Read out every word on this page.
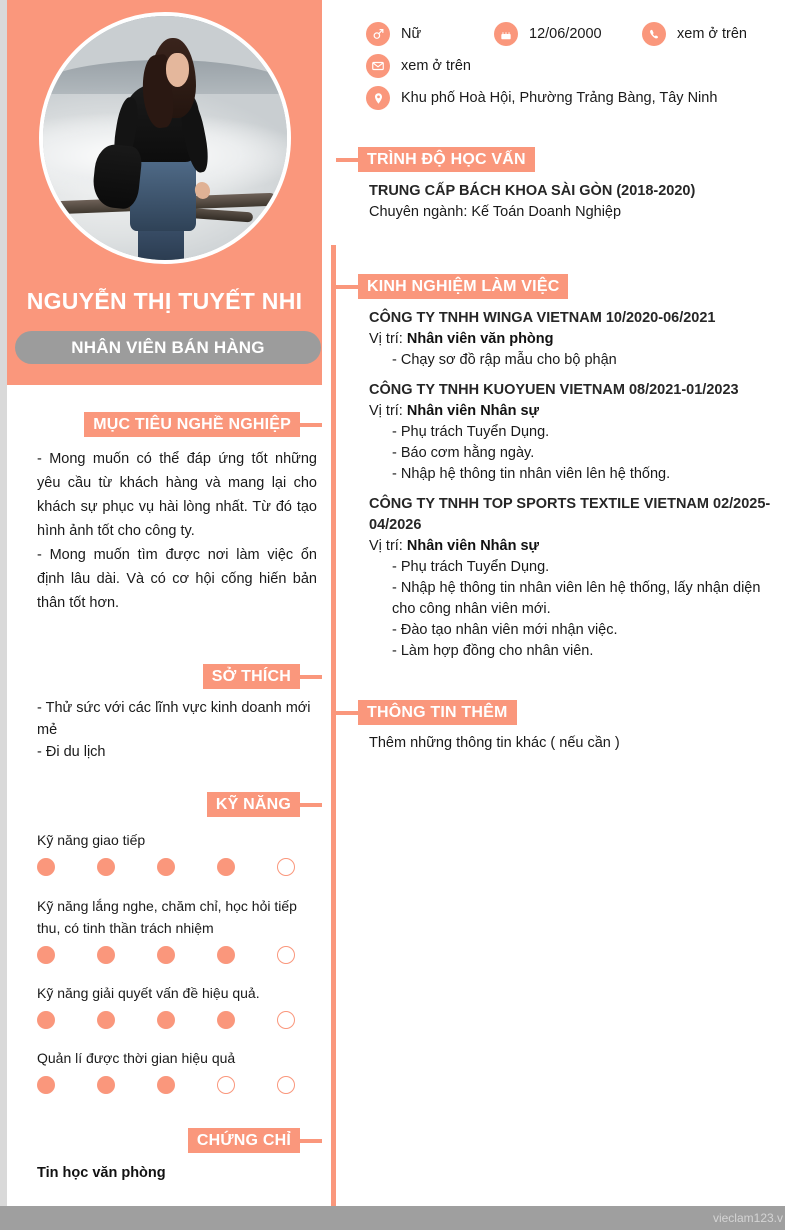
NGUYỄN THỊ TUYẾT NHI
NHÂN VIÊN BÁN HÀNG
MỤC TIÊU NGHỀ NGHIỆP
- Mong muốn có thể đáp ứng tốt những yêu cầu từ khách hàng và mang lại cho khách sự phục vụ hài lòng nhất. Từ đó tạo hình ảnh tốt cho công ty.
- Mong muốn tìm được nơi làm việc ổn định lâu dài. Và có cơ hội cống hiến bản thân tốt hơn.
SỞ THÍCH
- Thử sức với các lĩnh vực kinh doanh mới mẻ
- Đi du lịch
KỸ NĂNG
Kỹ năng giao tiếp
Kỹ năng lắng nghe, chăm chỉ, học hỏi tiếp thu, có tinh thần trách nhiệm
Kỹ năng giải quyết vấn đề hiệu quả.
Quản lí được thời gian hiệu quả
CHỨNG CHỈ
Tin học văn phòng
Nữ	12/06/2000	xem ở trên
xem ở trên
Khu phố Hoà Hội, Phường Trảng Bàng, Tây Ninh
TRÌNH ĐỘ HỌC VẤN
TRUNG CẤP BÁCH KHOA SÀI GÒN (2018-2020)
Chuyên ngành: Kế Toán Doanh Nghiệp
KINH NGHIỆM LÀM VIỆC
CÔNG TY TNHH WINGA VIETNAM 10/2020-06/2021
Vị trí: Nhân viên văn phòng
- Chạy sơ đồ rập mẫu cho bộ phận
CÔNG TY TNHH KUOYUEN VIETNAM 08/2021-01/2023
Vị trí: Nhân viên Nhân sự
- Phụ trách Tuyển Dụng.
- Báo cơm hằng ngày.
- Nhập hệ thông tin nhân viên lên hệ thống.
CÔNG TY TNHH TOP SPORTS TEXTILE VIETNAM 02/2025-04/2026
Vị trí: Nhân viên Nhân sự
- Phụ trách Tuyển Dụng.
- Nhập hệ thông tin nhân viên lên hệ thống, lấy nhận diện cho công nhân viên mới.
- Đào tạo nhân viên mới nhận việc.
- Làm hợp đồng cho nhân viên.
THÔNG TIN THÊM
Thêm những thông tin khác ( nếu cần )
vieclam123.v
